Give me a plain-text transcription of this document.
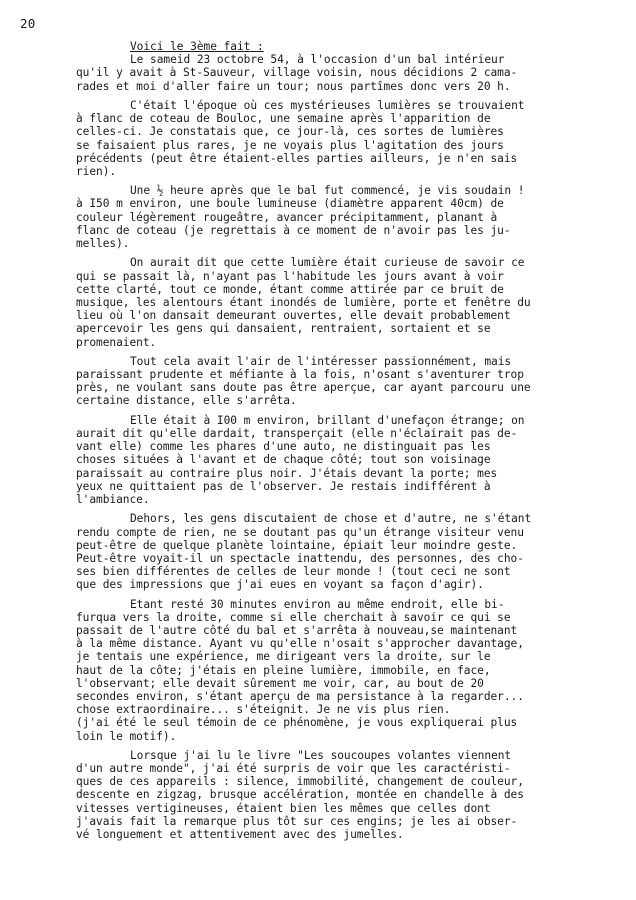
20
Voici le 3ème fait :
Le sameid 23 octobre 54, à l'occasion d'un bal intérieur
qu'il y avait à St-Sauveur, village voisin, nous décidions 2 cama-
rades et moi d'aller faire un tour; nous partîmes donc vers 20 h.
C'était l'époque où ces mystérieuses lumières se trouvaient
à flanc de coteau de Bouloc, une semaine après l'apparition de
celles-ci. Je constatais que, ce jour-là, ces sortes de lumières
se faisaient plus rares, je ne voyais plus l'agitation des jours
précédents (peut être étaient-elles parties ailleurs, je n'en sais
rien).
Une ½ heure après que le bal fut commencé, je vis soudain !
à I50 m environ, une boule lumineuse (diamètre apparent 40cm) de
couleur légèrement rougeâtre, avancer précipitamment, planant à
flanc de coteau (je regrettais à ce moment de n'avoir pas les ju-
melles).
On aurait dit que cette lumière était curieuse de savoir ce
qui se passait là, n'ayant pas l'habitude les jours avant à voir
cette clarté, tout ce monde, étant comme attirée par ce bruit de
musique, les alentours étant inondés de lumière, porte et fenêtre du
lieu où l'on dansait demeurant ouvertes, elle devait probablement
apercevoir les gens qui dansaient, rentraient, sortaient et se
promenaient.
Tout cela avait l'air de l'intéresser passionnément, mais
paraissant prudente et méfiante à la fois, n'osant s'aventurer trop
près, ne voulant sans doute pas être aperçue, car ayant parcouru une
certaine distance, elle s'arrêta.
Elle était à I00 m environ, brillant d'unefaçon étrange; on
aurait dit qu'elle dardait, transperçait (elle n'éclairait pas de-
vant elle) comme les phares d'une auto, ne distinguait pas les
choses situées à l'avant et de chaque côté; tout son voisinage
paraissait au contraire plus noir. J'étais devant la porte; mes
yeux ne quittaient pas de l'observer. Je restais indifférent à
l'ambiance.
Dehors, les gens discutaient de chose et d'autre, ne s'étant
rendu compte de rien, ne se doutant pas qu'un étrange visiteur venu
peut-être de quelque planète lointaine, épiait leur moindre geste.
Peut-être voyait-il un spectacle inattendu, des personnes, des cho-
ses bien différentes de celles de leur monde ! (tout ceci ne sont
que des impressions que j'ai eues en voyant sa façon d'agir).
Etant resté 30 minutes environ au même endroit, elle bi-
furqua vers la droite, comme si elle cherchait à savoir ce qui se
passait de l'autre côté du bal et s'arrêta à nouveau,se maintenant
à la même distance. Ayant vu qu'elle n'osait s'approcher davantage,
je tentais une expérience, me dirigeant vers la droite, sur le
haut de la côte; j'étais en pleine lumière, immobile, en face,
l'observant; elle devait sûrement me voir, car, au bout de 20
secondes environ, s'étant aperçu de ma persistance à la regarder...
chose extraordinaire... s'éteignit. Je ne vis plus rien.
(j'ai été le seul témoin de ce phénomène, je vous expliquerai plus
loin le motif).
Lorsque j'ai lu le livre "Les soucoupes volantes viennent
d'un autre monde", j'ai été surpris de voir que les caractéristi-
ques de ces appareils : silence, immobilité, changement de couleur,
descente en zigzag, brusque accélération, montée en chandelle à des
vitesses vertigineuses, étaient bien les mêmes que celles dont
j'avais fait la remarque plus tôt sur ces engins; je les ai obser-
vé longuement et attentivement avec des jumelles.
